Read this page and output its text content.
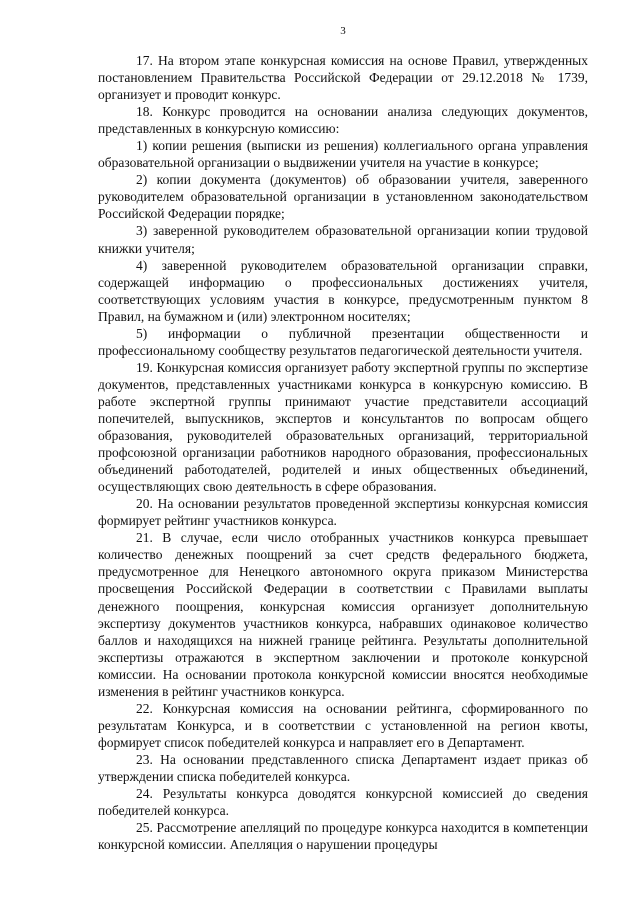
3

17. На втором этапе конкурсная комиссия на основе Правил, утвержденных постановлением Правительства Российской Федерации от 29.12.2018 № 1739, организует и проводит конкурс.

18. Конкурс проводится на основании анализа следующих документов, представленных в конкурсную комиссию:

1) копии решения (выписки из решения) коллегиального органа управления образовательной организации о выдвижении учителя на участие в конкурсе;

2) копии документа (документов) об образовании учителя, заверенного руководителем образовательной организации в установленном законодательством Российской Федерации порядке;

3) заверенной руководителем образовательной организации копии трудовой книжки учителя;

4) заверенной руководителем образовательной организации справки, содержащей информацию о профессиональных достижениях учителя, соответствующих условиям участия в конкурсе, предусмотренным пунктом 8 Правил, на бумажном и (или) электронном носителях;

5) информации о публичной презентации общественности и профессиональному сообществу результатов педагогической деятельности учителя.

19. Конкурсная комиссия организует работу экспертной группы по экспертизе документов, представленных участниками конкурса в конкурсную комиссию. В работе экспертной группы принимают участие представители ассоциаций попечителей, выпускников, экспертов и консультантов по вопросам общего образования, руководителей образовательных организаций, территориальной профсоюзной организации работников народного образования, профессиональных объединений работодателей, родителей и иных общественных объединений, осуществляющих свою деятельность в сфере образования.

20. На основании результатов проведенной экспертизы конкурсная комиссия формирует рейтинг участников конкурса.

21. В случае, если число отобранных участников конкурса превышает количество денежных поощрений за счет средств федерального бюджета, предусмотренное для Ненецкого автономного округа приказом Министерства просвещения Российской Федерации в соответствии с Правилами выплаты денежного поощрения, конкурсная комиссия организует дополнительную экспертизу документов участников конкурса, набравших одинаковое количество баллов и находящихся на нижней границе рейтинга. Результаты дополнительной экспертизы отражаются в экспертном заключении и протоколе конкурсной комиссии. На основании протокола конкурсной комиссии вносятся необходимые изменения в рейтинг участников конкурса.

22. Конкурсная комиссия на основании рейтинга, сформированного по результатам Конкурса, и в соответствии с установленной на регион квоты, формирует список победителей конкурса и направляет его в Департамент.

23. На основании представленного списка Департамент издает приказ об утверждении списка победителей конкурса.

24. Результаты конкурса доводятся конкурсной комиссией до сведения победителей конкурса.

25. Рассмотрение апелляций по процедуре конкурса находится в компетенции конкурсной комиссии. Апелляция о нарушении процедуры
